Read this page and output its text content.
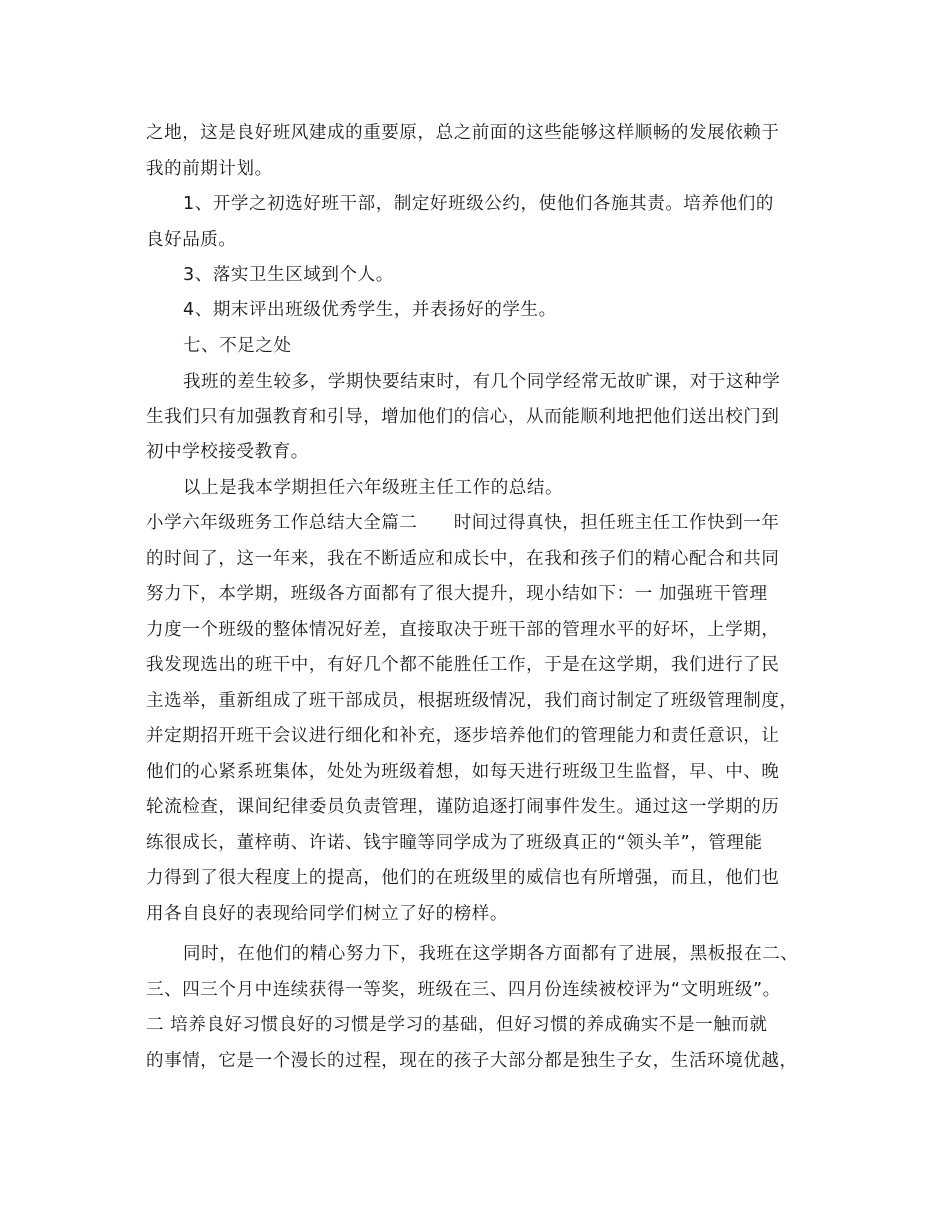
之地，这是良好班风建成的重要原，总之前面的这些能够这样顺畅的发展依赖于
我的前期计划。
1、开学之初选好班干部，制定好班级公约，使他们各施其责。培养他们的
良好品质。
3、落实卫生区域到个人。
4、期末评出班级优秀学生，并表扬好的学生。
七、不足之处
我班的差生较多，学期快要结束时，有几个同学经常无故旷课，对于这种学
生我们只有加强教育和引导，增加他们的信心，从而能顺利地把他们送出校门到
初中学校接受教育。
以上是我本学期担任六年级班主任工作的总结。
小学六年级班务工作总结大全篇二　　时间过得真快，担任班主任工作快到一年
的时间了，这一年来，我在不断适应和成长中，在我和孩子们的精心配合和共同
努力下，本学期，班级各方面都有了很大提升，现小结如下：一 加强班干管理
力度一个班级的整体情况好差，直接取决于班干部的管理水平的好坏，上学期，
我发现选出的班干中，有好几个都不能胜任工作，于是在这学期，我们进行了民
主选举，重新组成了班干部成员，根据班级情况，我们商讨制定了班级管理制度，
并定期招开班干会议进行细化和补充，逐步培养他们的管理能力和责任意识，让
他们的心紧系班集体，处处为班级着想，如每天进行班级卫生监督，早、中、晚
轮流检查，课间纪律委员负责管理，谨防追逐打闹事件发生。通过这一学期的历
练很成长，董梓萌、许诺、钱宇瞳等同学成为了班级真正的“领头羊”，管理能
力得到了很大程度上的提高，他们的在班级里的威信也有所增强，而且，他们也
用各自良好的表现给同学们树立了好的榜样。
同时，在他们的精心努力下，我班在这学期各方面都有了进展，黑板报在二、
三、四三个月中连续获得一等奖，班级在三、四月份连续被校评为“文明班级”。
二 培养良好习惯良好的习惯是学习的基础，但好习惯的养成确实不是一触而就
的事情，它是一个漫长的过程，现在的孩子大部分都是独生子女，生活环境优越，
